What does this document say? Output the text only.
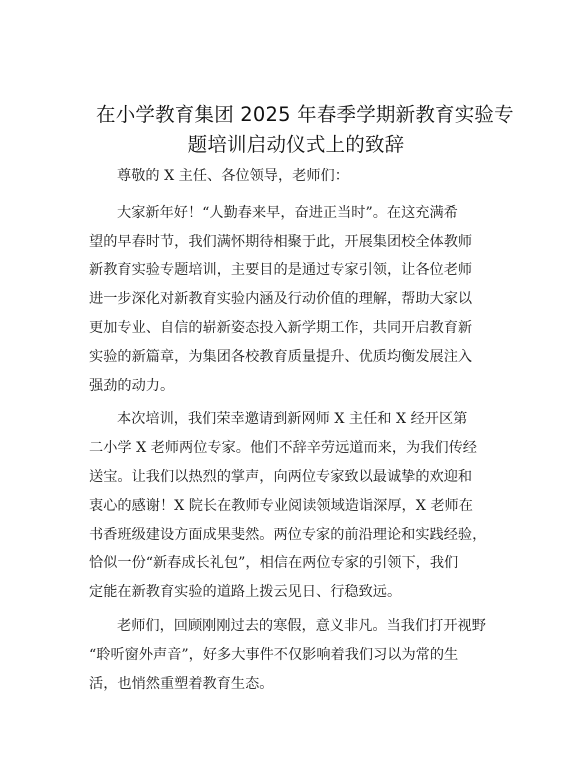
在小学教育集团 2025 年春季学期新教育实验专
题培训启动仪式上的致辞
尊敬的 X 主任、各位领导，老师们：
大家新年好！“人勤春来早，奋进正当时”。在这充满希
望的早春时节，我们满怀期待相聚于此，开展集团校全体教师
新教育实验专题培训，主要目的是通过专家引领，让各位老师
进一步深化对新教育实验内涵及行动价值的理解，帮助大家以
更加专业、自信的崭新姿态投入新学期工作，共同开启教育新
实验的新篇章，为集团各校教育质量提升、优质均衡发展注入
强劲的动力。
本次培训，我们荣幸邀请到新网师 X 主任和 X 经开区第
二小学 X 老师两位专家。他们不辞辛劳远道而来，为我们传经
送宝。让我们以热烈的掌声，向两位专家致以最诚挚的欢迎和
衷心的感谢！X 院长在教师专业阅读领域造诣深厚，X 老师在
书香班级建设方面成果斐然。两位专家的前沿理论和实践经验，
恰似一份“新春成长礼包”，相信在两位专家的引领下，我们
定能在新教育实验的道路上拨云见日、行稳致远。
老师们，回顾刚刚过去的寒假，意义非凡。当我们打开视野
“聆听窗外声音”，好多大事件不仅影响着我们习以为常的生
活，也悄然重塑着教育生态。
